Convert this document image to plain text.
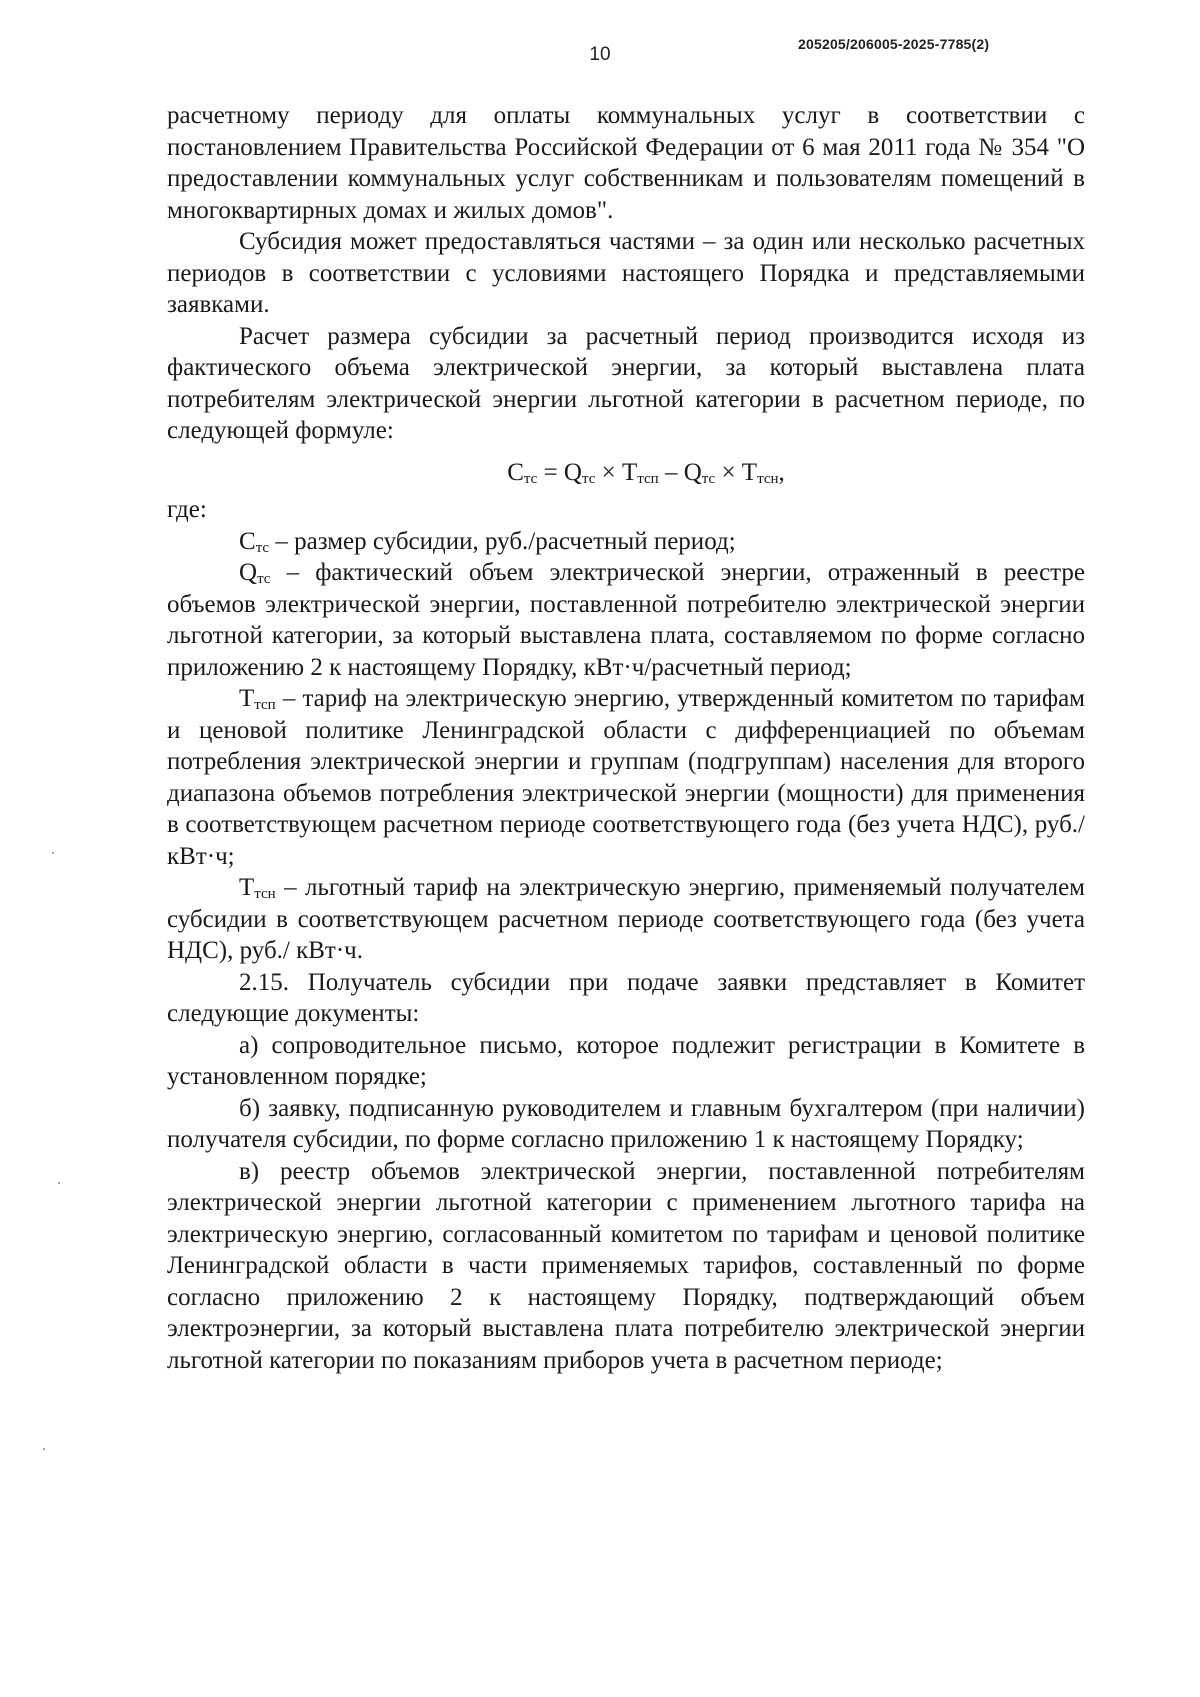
205205/206005-2025-7785(2)
10

расчетному периоду для оплаты коммунальных услуг в соответствии с постановлением Правительства Российской Федерации от 6 мая 2011 года № 354 "О предоставлении коммунальных услуг собственникам и пользователям помещений в многоквартирных домах и жилых домов".

Субсидия может предоставляться частями – за один или несколько расчетных периодов в соответствии с условиями настоящего Порядка и представляемыми заявками.

Расчет размера субсидии за расчетный период производится исходя из фактического объема электрической энергии, за который выставлена плата потребителям электрической энергии льготной категории в расчетном периоде, по следующей формуле:

$С_{тс} = Q_{тс} \times Т_{тсп} - Q_{тс} \times Т_{тсн}$,

где:

$С_{тс}$ – размер субсидии, руб./расчетный период;

$Q_{тс}$ – фактический объем электрической энергии, отраженный в реестре объемов электрической энергии, поставленной потребителю электрической энергии льготной категории, за который выставлена плата, составляемом по форме согласно приложению 2 к настоящему Порядку, кВт·ч/расчетный период;

$Т_{тсп}$ – тариф на электрическую энергию, утвержденный комитетом по тарифам и ценовой политике Ленинградской области с дифференциацией по объемам потребления электрической энергии и группам (подгруппам) населения для второго диапазона объемов потребления электрической энергии (мощности) для применения в соответствующем расчетном периоде соответствующего года (без учета НДС), руб./кВт·ч;

$Т_{тсн}$ – льготный тариф на электрическую энергию, применяемый получателем субсидии в соответствующем расчетном периоде соответствующего года (без учета НДС), руб./ кВт·ч.

2.15. Получатель субсидии при подаче заявки представляет в Комитет следующие документы:

а) сопроводительное письмо, которое подлежит регистрации в Комитете в установленном порядке;

б) заявку, подписанную руководителем и главным бухгалтером (при наличии) получателя субсидии, по форме согласно приложению 1 к настоящему Порядку;

в) реестр объемов электрической энергии, поставленной потребителям электрической энергии льготной категории с применением льготного тарифа на электрическую энергию, согласованный комитетом по тарифам и ценовой политике Ленинградской области в части применяемых тарифов, составленный по форме согласно приложению 2 к настоящему Порядку, подтверждающий объем электроэнергии, за который выставлена плата потребителю электрической энергии льготной категории по показаниям приборов учета в расчетном периоде;
